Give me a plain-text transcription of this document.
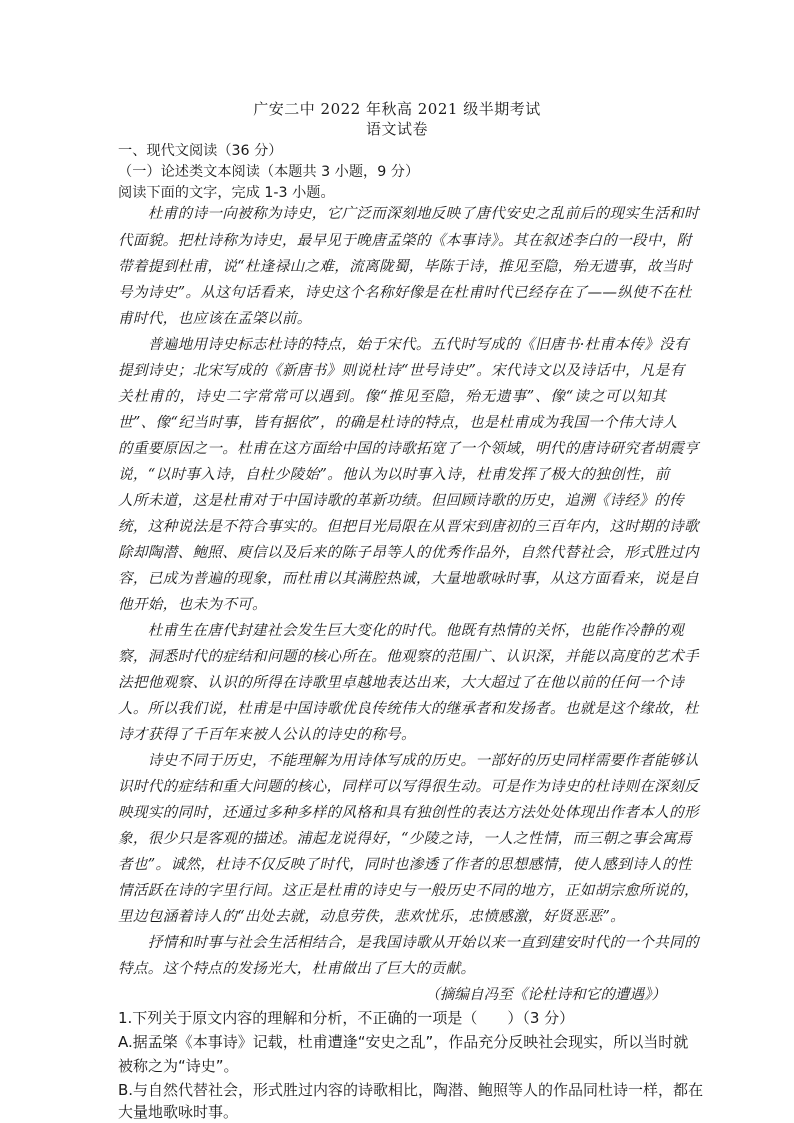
广安二中 2022 年秋高 2021 级半期考试
语文试卷
一、现代文阅读（36 分）
（一）论述类文本阅读（本题共 3 小题，9 分）
阅读下面的文字，完成 1-3 小题。
　　杜甫的诗一向被称为诗史，它广泛而深刻地反映了唐代安史之乱前后的现实生活和时
代面貌。把杜诗称为诗史，最早见于晚唐孟棨的《本事诗》。其在叙述李白的一段中，附
带着提到杜甫，说“杜逢禄山之难，流离陇蜀，毕陈于诗，推见至隐，殆无遗事，故当时
号为诗史”。从这句话看来，诗史这个名称好像是在杜甫时代已经存在了——纵使不在杜
甫时代，也应该在孟棨以前。
　　普遍地用诗史标志杜诗的特点，始于宋代。五代时写成的《旧唐书·杜甫本传》没有
提到诗史；北宋写成的《新唐书》则说杜诗“世号诗史”。宋代诗文以及诗话中，凡是有
关杜甫的，诗史二字常常可以遇到。像“推见至隐，殆无遗事”、像“读之可以知其
世”、像“纪当时事，皆有据依”，的确是杜诗的特点，也是杜甫成为我国一个伟大诗人
的重要原因之一。杜甫在这方面给中国的诗歌拓宽了一个领域，明代的唐诗研究者胡震亨
说，“以时事入诗，自杜少陵始”。他认为以时事入诗，杜甫发挥了极大的独创性，前
人所未道，这是杜甫对于中国诗歌的革新功绩。但回顾诗歌的历史，追溯《诗经》的传
统，这种说法是不符合事实的。但把目光局限在从晋宋到唐初的三百年内，这时期的诗歌
除却陶潜、鲍照、庾信以及后来的陈子昂等人的优秀作品外，自然代替社会，形式胜过内
容，已成为普遍的现象，而杜甫以其满腔热诚，大量地歌咏时事，从这方面看来，说是自
他开始，也未为不可。
　　杜甫生在唐代封建社会发生巨大变化的时代。他既有热情的关怀，也能作冷静的观
察，洞悉时代的症结和问题的核心所在。他观察的范围广、认识深，并能以高度的艺术手
法把他观察、认识的所得在诗歌里卓越地表达出来，大大超过了在他以前的任何一个诗
人。所以我们说，杜甫是中国诗歌优良传统伟大的继承者和发扬者。也就是这个缘故，杜
诗才获得了千百年来被人公认的诗史的称号。
　　诗史不同于历史，不能理解为用诗体写成的历史。一部好的历史同样需要作者能够认
识时代的症结和重大问题的核心，同样可以写得很生动。可是作为诗史的杜诗则在深刻反
映现实的同时，还通过多种多样的风格和具有独创性的表达方法处处体现出作者本人的形
象，很少只是客观的描述。浦起龙说得好，“少陵之诗，一人之性情，而三朝之事会寓焉
者也”。诚然，杜诗不仅反映了时代，同时也渗透了作者的思想感情，使人感到诗人的性
情活跃在诗的字里行间。这正是杜甫的诗史与一般历史不同的地方，正如胡宗愈所说的，
里边包涵着诗人的“出处去就，动息劳佚，悲欢忧乐，忠愤感激，好贤恶恶”。
　　抒情和时事与社会生活相结合，是我国诗歌从开始以来一直到建安时代的一个共同的
特点。这个特点的发扬光大，杜甫做出了巨大的贡献。
（摘编自冯至《论杜诗和它的遭遇》）
1.下列关于原文内容的理解和分析，不正确的一项是（　　）（3 分）
A.据孟棨《本事诗》记载，杜甫遭逢“安史之乱”，作品充分反映社会现实，所以当时就
被称之为“诗史”。
B.与自然代替社会，形式胜过内容的诗歌相比，陶潜、鲍照等人的作品同杜诗一样，都在
大量地歌咏时事。
